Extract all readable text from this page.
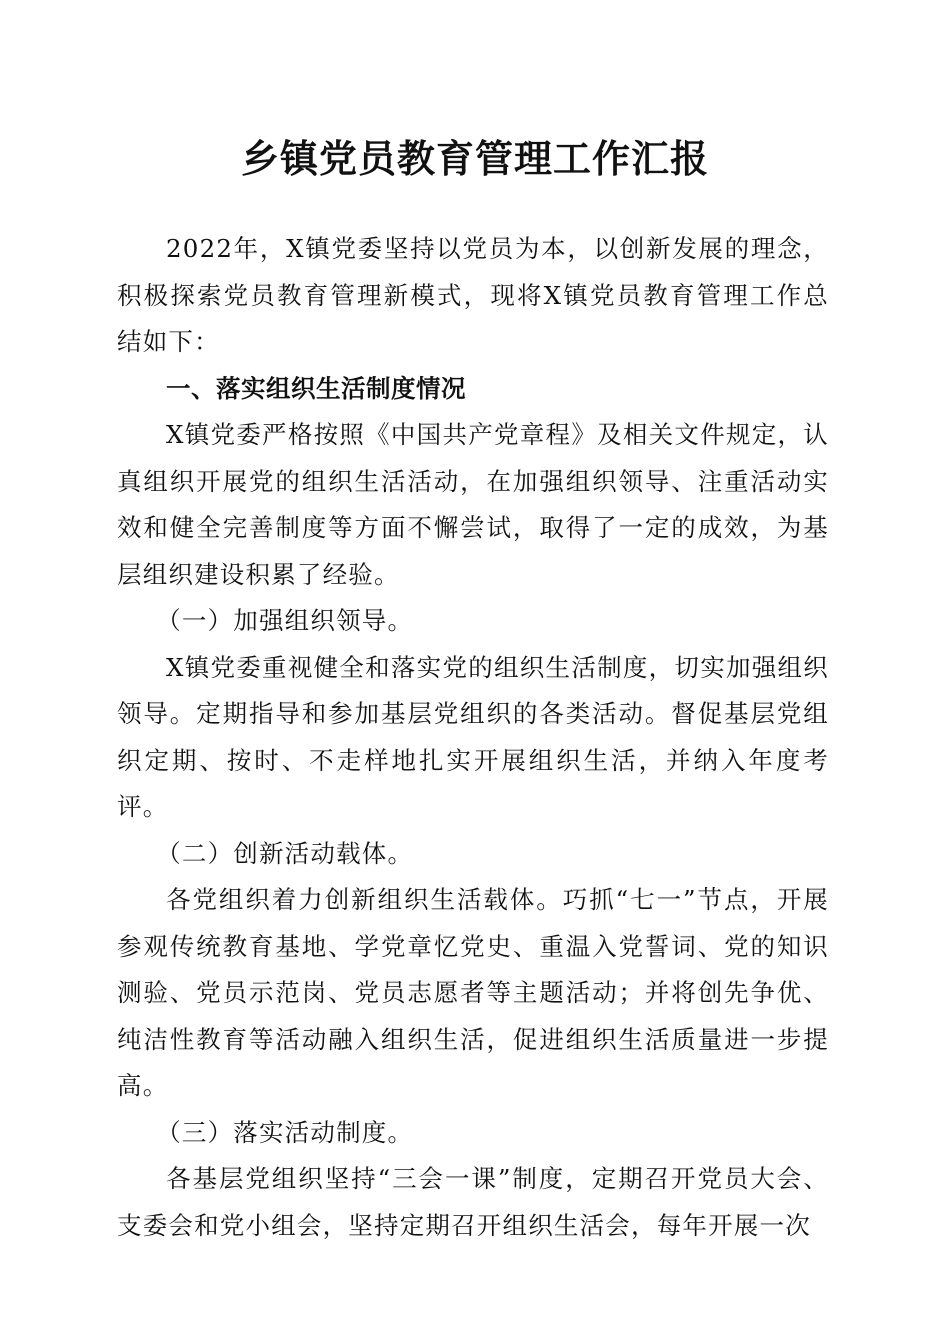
乡镇党员教育管理工作汇报

2022年，X镇党委坚持以党员为本，以创新发展的理念，积极探索党员教育管理新模式，现将X镇党员教育管理工作总结如下：

一、落实组织生活制度情况

X镇党委严格按照《中国共产党章程》及相关文件规定，认真组织开展党的组织生活活动，在加强组织领导、注重活动实效和健全完善制度等方面不懈尝试，取得了一定的成效，为基层组织建设积累了经验。

（一）加强组织领导。

X镇党委重视健全和落实党的组织生活制度，切实加强组织领导。定期指导和参加基层党组织的各类活动。督促基层党组织定期、按时、不走样地扎实开展组织生活，并纳入年度考评。

（二）创新活动载体。

各党组织着力创新组织生活载体。巧抓“七一”节点，开展参观传统教育基地、学党章忆党史、重温入党誓词、党的知识测验、党员示范岗、党员志愿者等主题活动；并将创先争优、纯洁性教育等活动融入组织生活，促进组织生活质量进一步提高。

（三）落实活动制度。

各基层党组织坚持“三会一课”制度，定期召开党员大会、支委会和党小组会，坚持定期召开组织生活会，每年开展一次
